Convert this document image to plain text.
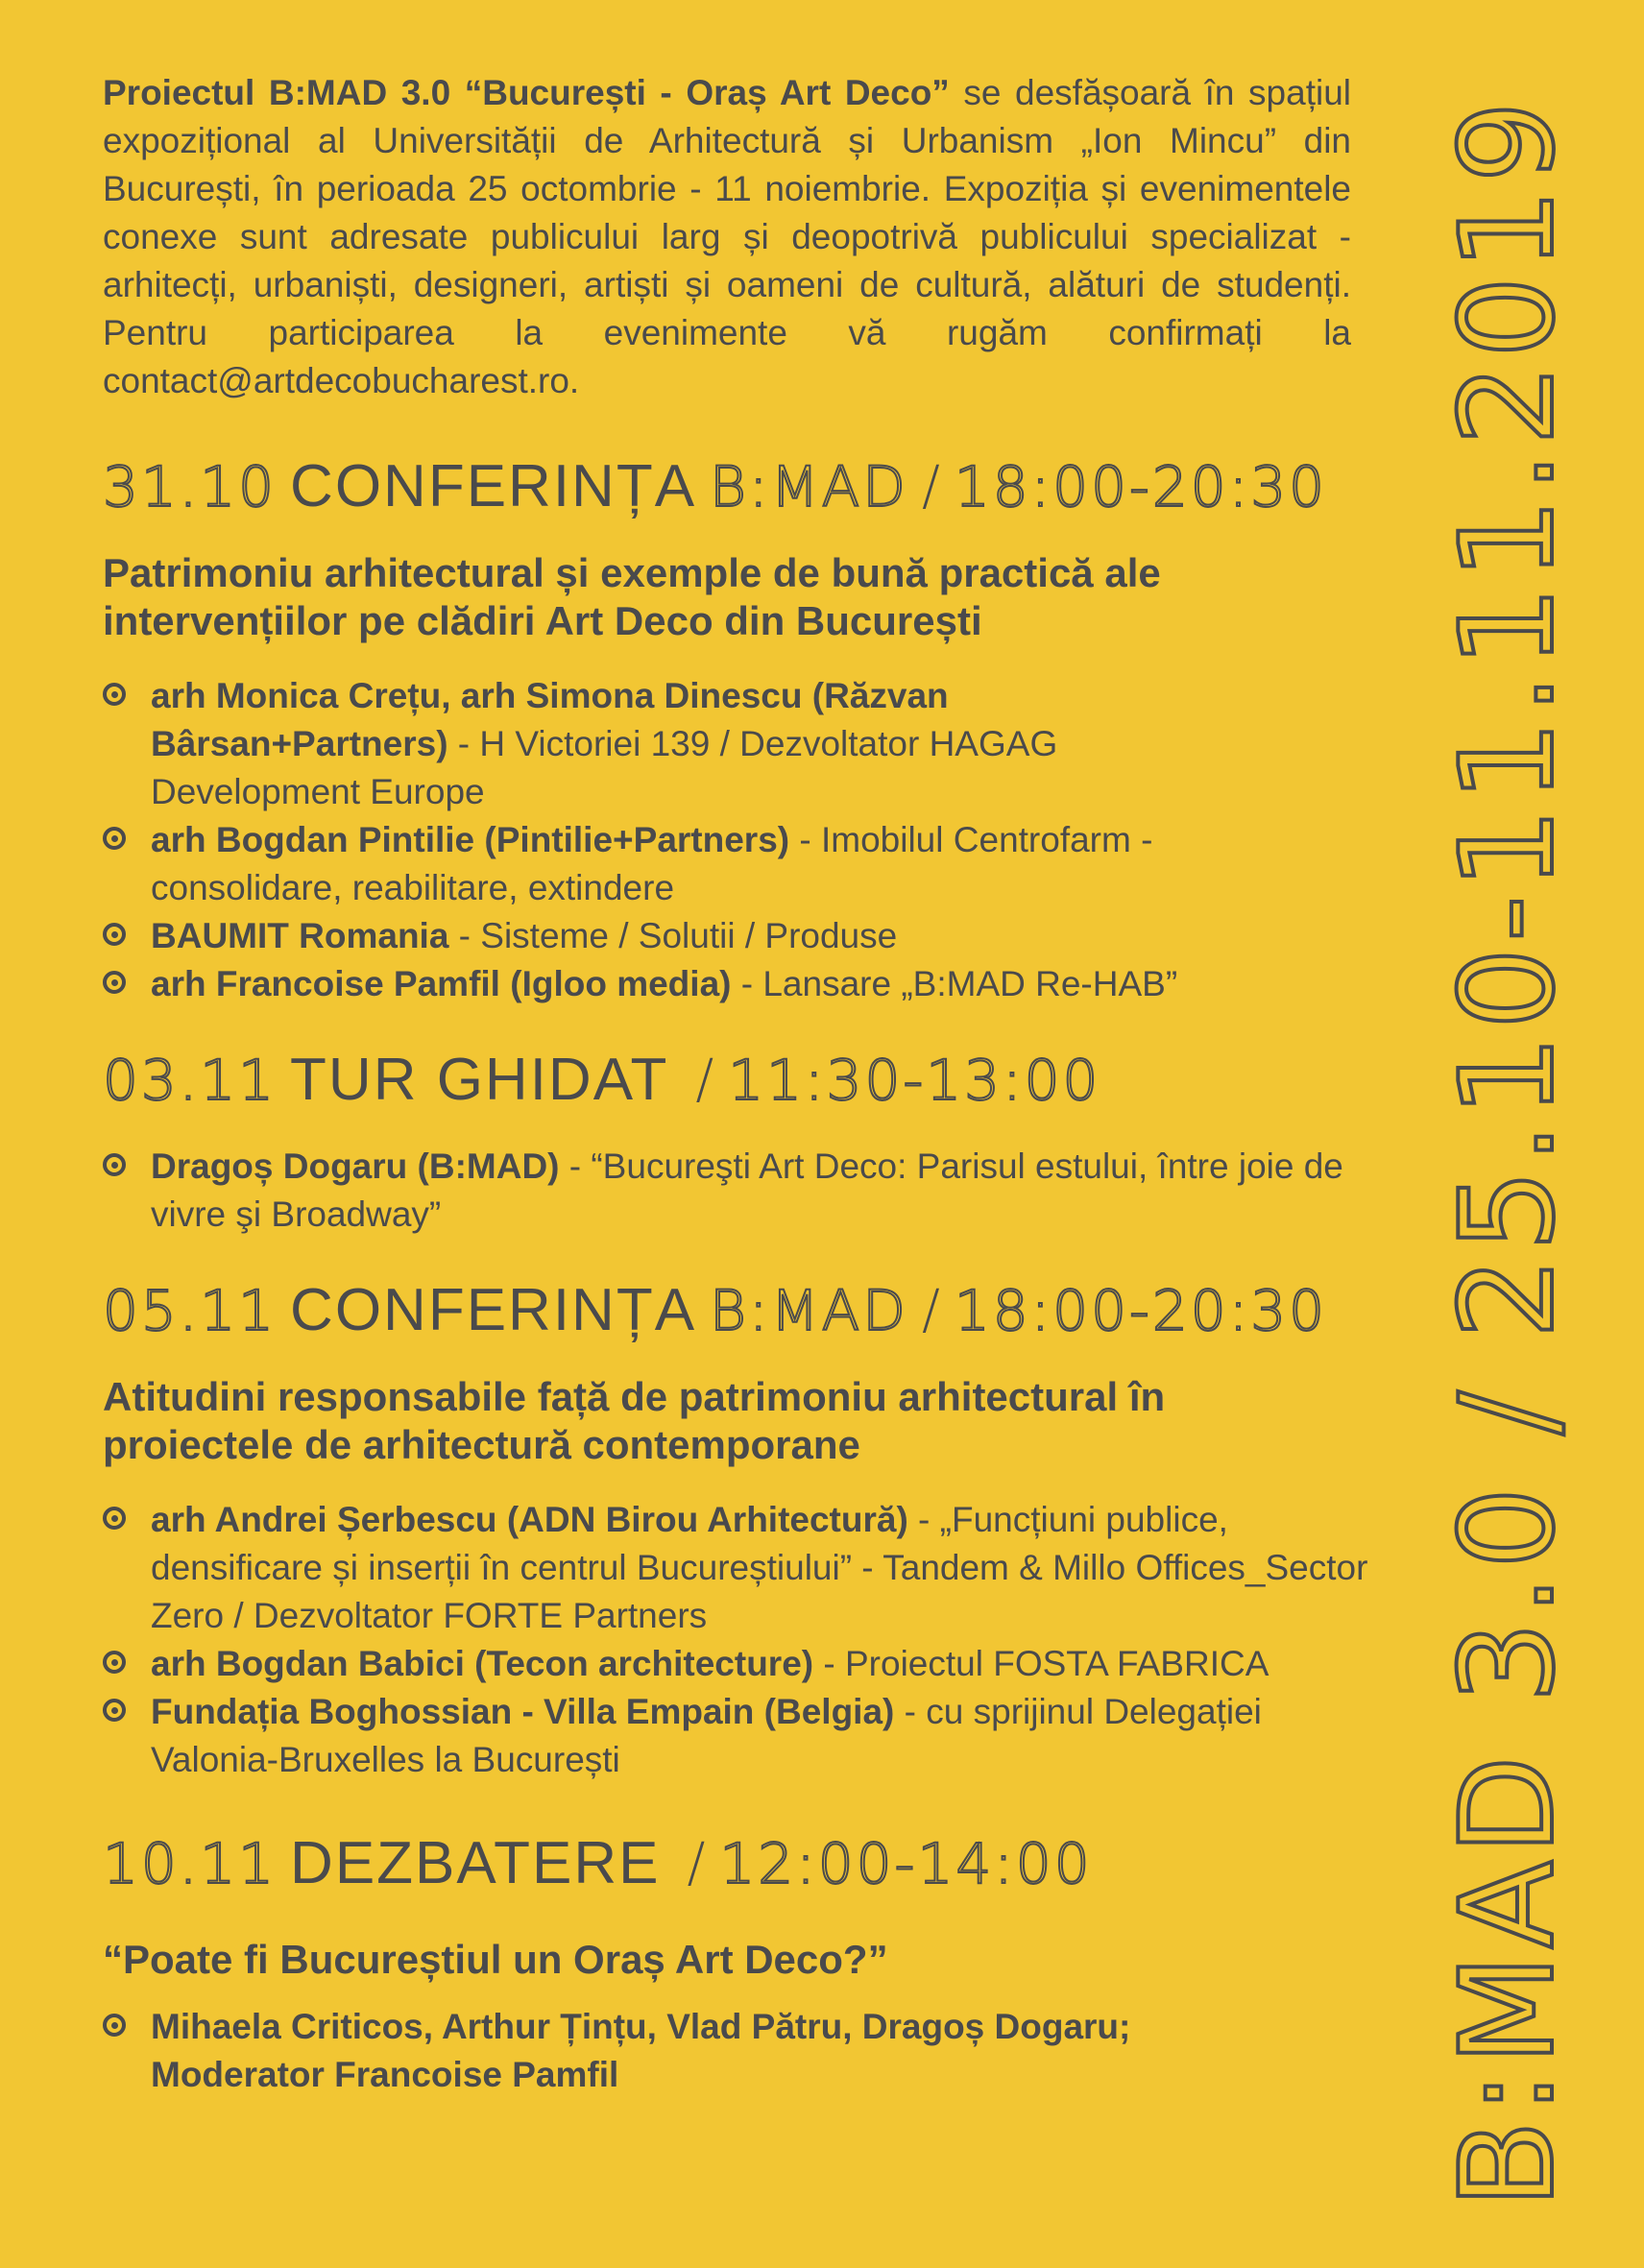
Proiectul B:MAD 3.0 “București - Oraș Art Deco” se desfășoară în spațiul expozițional al Universității de Arhitectură și Urbanism „Ion Mincu” din București, în perioada 25 octombrie - 11 noiembrie. Expoziția și evenimentele conexe sunt adresate publicului larg și deopotrivă publicului specializat - arhitecți, urbaniști, designeri, artiști și oameni de cultură, alături de studenți. Pentru participarea la evenimente vă rugăm confirmați la contact@artdecobucharest.ro.

31.10 CONFERINȚA B:MAD / 18:00-20:30

Patrimoniu arhitectural și exemple de bună practică ale intervențiilor pe clădiri Art Deco din București

arh Monica Crețu, arh Simona Dinescu (Răzvan Bârsan+Partners) - H Victoriei 139 / Dezvoltator HAGAG Development Europe
arh Bogdan Pintilie (Pintilie+Partners) - Imobilul Centrofarm - consolidare, reabilitare, extindere
BAUMIT Romania - Sisteme / Solutii / Produse
arh Francoise Pamfil (Igloo media) - Lansare „B:MAD Re-HAB”
03.11 TUR GHIDAT / 11:30-13:00
Dragoș Dogaru (B:MAD) - “Bucureşti Art Deco: Parisul estului, între joie de vivre şi Broadway”
05.11 CONFERINȚA B:MAD / 18:00-20:30

Atitudini responsabile față de patrimoniu arhitectural în proiectele de arhitectură contemporane

arh Andrei Șerbescu (ADN Birou Arhitectură) - „Funcțiuni publice, densificare și inserții în centrul Bucureștiului” - Tandem & Millo Offices_Sector Zero / Dezvoltator FORTE Partners
arh Bogdan Babici (Tecon architecture) - Proiectul FOSTA FABRICA
Fundația Boghossian - Villa Empain (Belgia) - cu sprijinul Delegației Valonia-Bruxelles la București
10.11 DEZBATERE / 12:00-14:00

“Poate fi Bucureștiul un Oraș Art Deco?”

Mihaela Criticos, Arthur Țințu, Vlad Pătru, Dragoș Dogaru; Moderator Francoise Pamfil	B:MAD 3.0 / 25.10-11.11.2019
